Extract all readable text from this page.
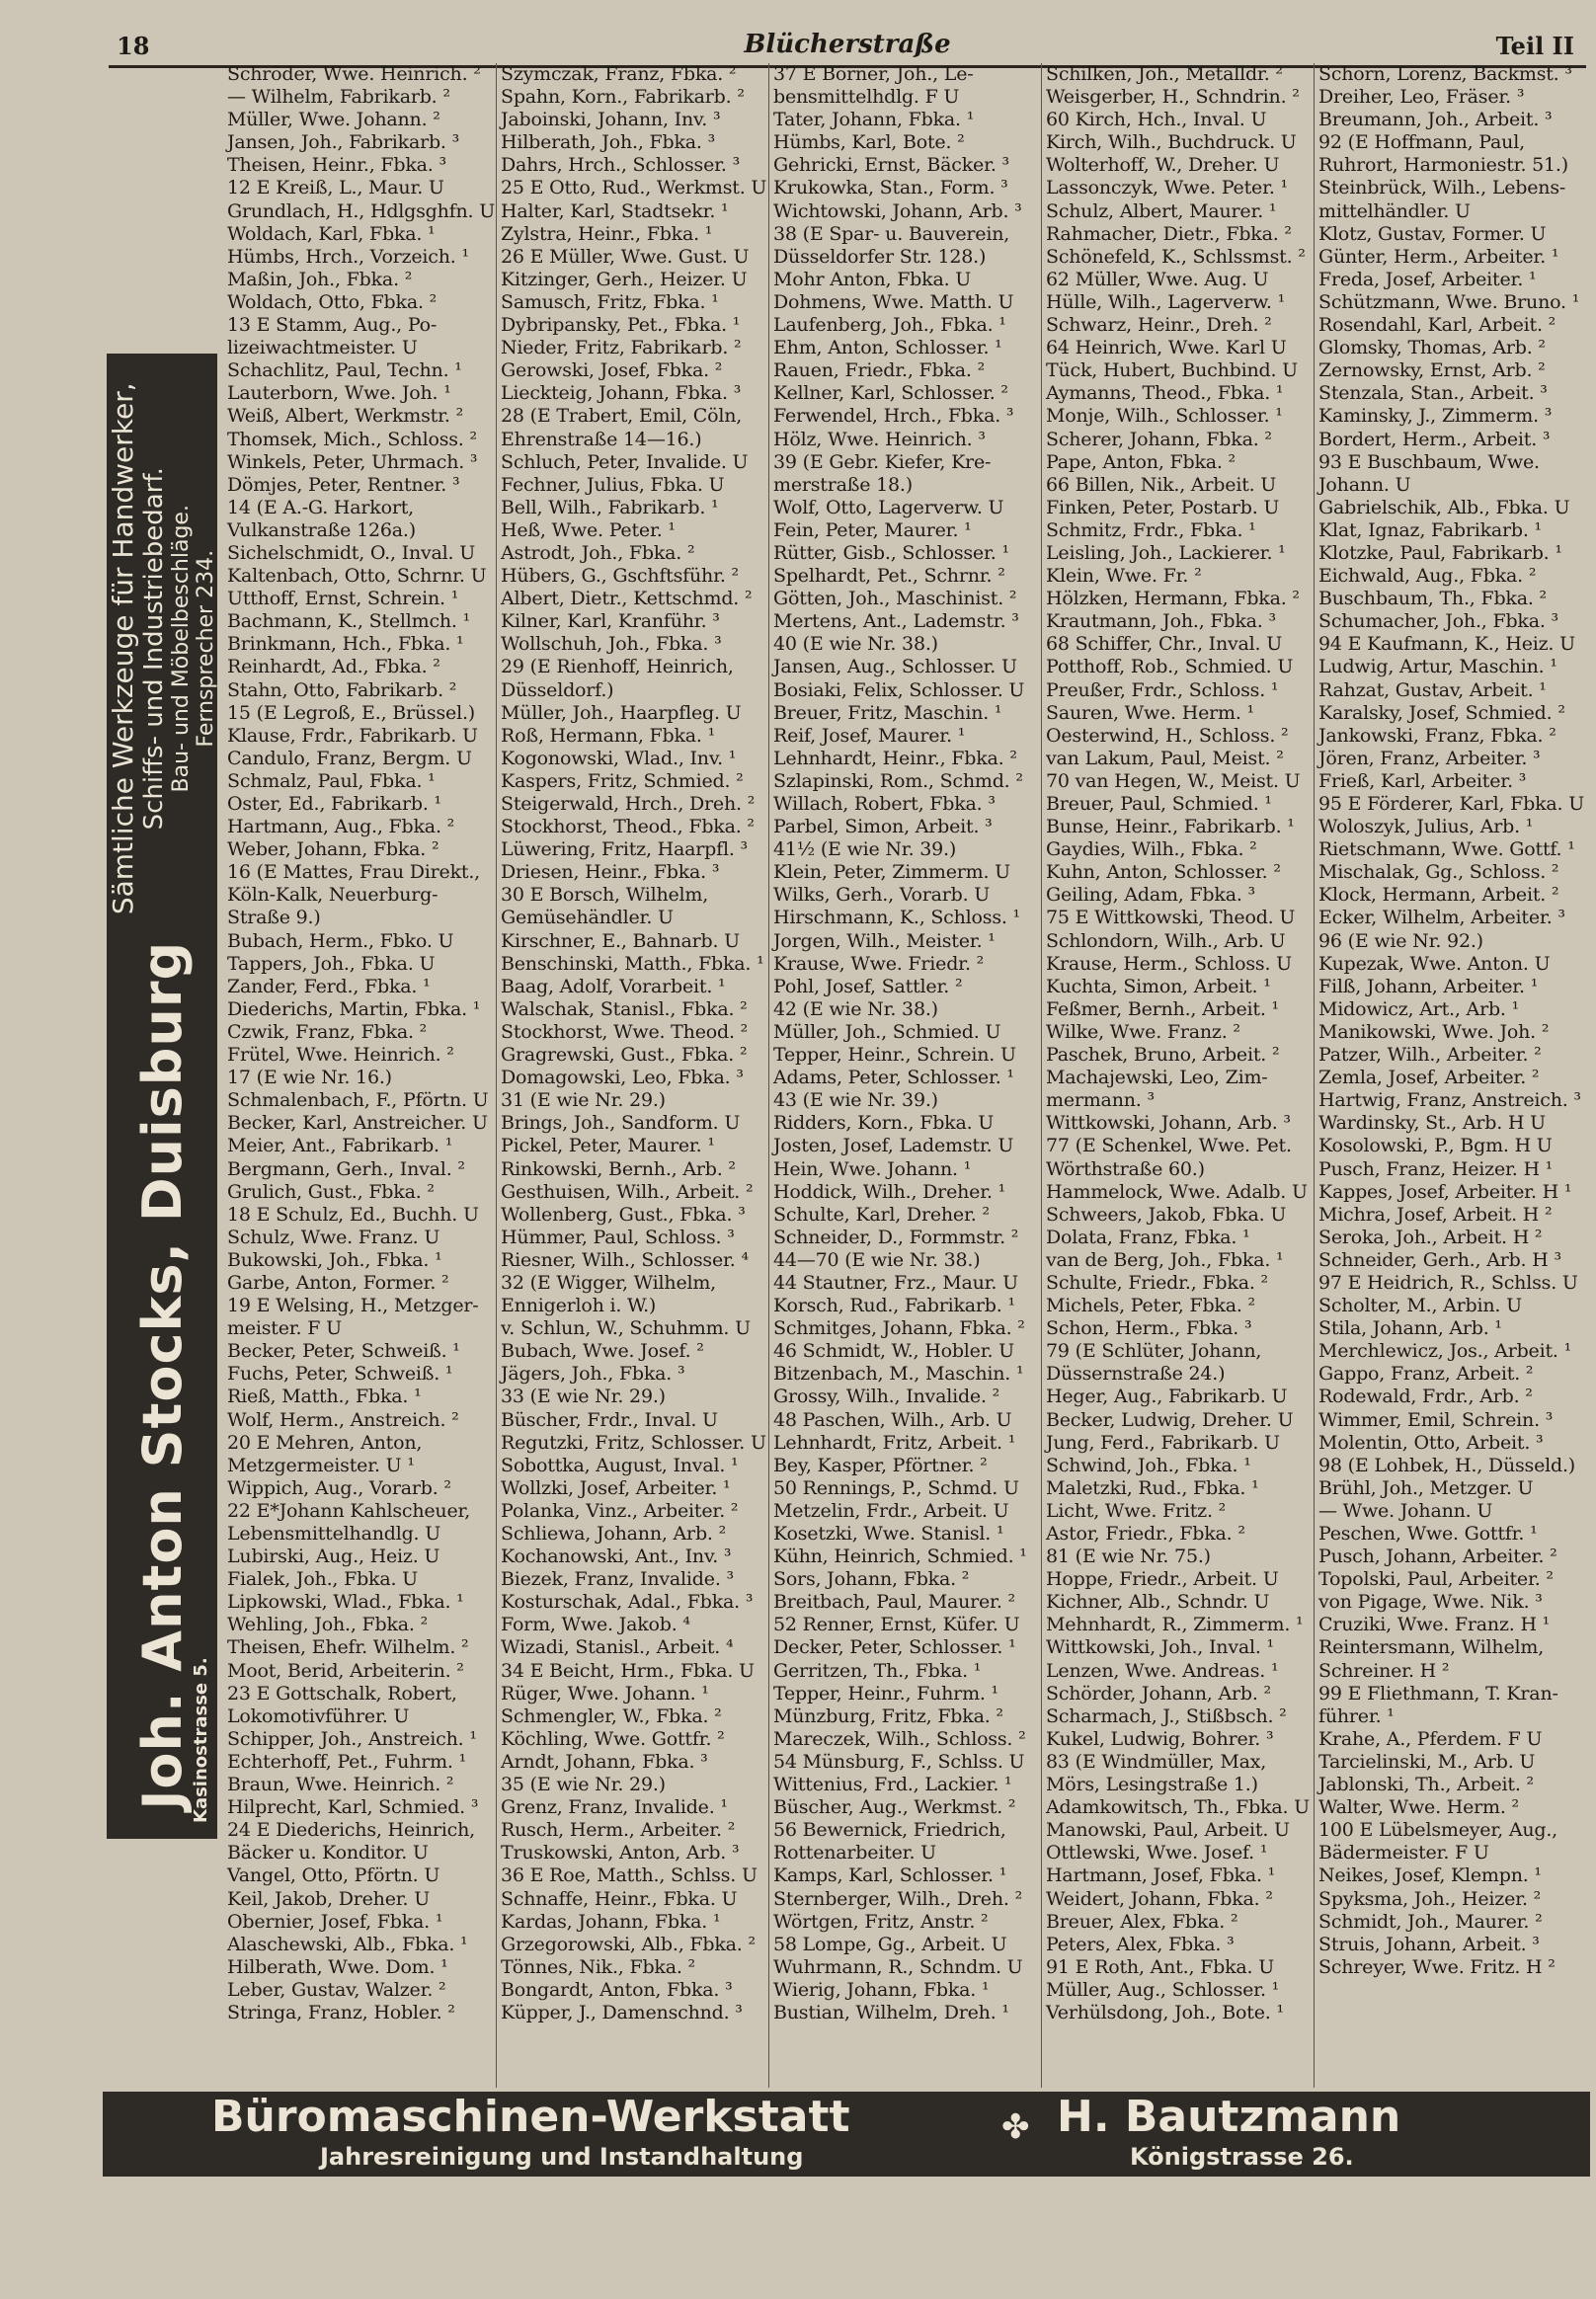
18	Blücherstraße	Teil II
Kasinostrasse 5.
Joh. Anton Stocks, Duisburg
Sämtliche Werkzeuge für Handwerker, Schiffs- und Industriebedarf. Bau- und Möbelbeschläge. Fernsprecher 234.
Schröder, Wwe. Heinrich. ²
— Wilhelm, Fabrikarb. ²
Müller, Wwe. Johann. ²
Jansen, Joh., Fabrikarb. ³
Theisen, Heinr., Fbka. ³
12 E Kreiß, L., Maur. U
Grundlach, H., Hdlgsghfn. U
Woldach, Karl, Fbka. ¹
Hümbs, Hrch., Vorzeich. ¹
Maßin, Joh., Fbka. ²
Woldach, Otto, Fbka. ²
13 E Stamm, Aug., Po-
lizeiwachtmeister. U
Schachlitz, Paul, Techn. ¹
Lauterborn, Wwe. Joh. ¹
Weiß, Albert, Werkmstr. ²
Thomsek, Mich., Schloss. ²
Winkels, Peter, Uhrmach. ³
Dömjes, Peter, Rentner. ³
14 (E A.-G. Harkort,
Vulkanstraße 126a.)
Sichelschmidt, O., Inval. U
Kaltenbach, Otto, Schrnr. U
Utthoff, Ernst, Schrein. ¹
Bachmann, K., Stellmch. ¹
Brinkmann, Hch., Fbka. ¹
Reinhardt, Ad., Fbka. ²
Stahn, Otto, Fabrikarb. ²
15 (E Legroß, E., Brüssel.)
Klause, Frdr., Fabrikarb. U
Candulo, Franz, Bergm. U
Schmalz, Paul, Fbka. ¹
Oster, Ed., Fabrikarb. ¹
Hartmann, Aug., Fbka. ²
Weber, Johann, Fbka. ²
16 (E Mattes, Frau Direkt.,
Köln-Kalk, Neuerburg-
Straße 9.)
Bubach, Herm., Fbko. U
Tappers, Joh., Fbka. U
Zander, Ferd., Fbka. ¹
Diederichs, Martin, Fbka. ¹
Czwik, Franz, Fbka. ²
Frütel, Wwe. Heinrich. ²
17 (E wie Nr. 16.)
Schmalenbach, F., Pförtn. U
Becker, Karl, Anstreicher. U
Meier, Ant., Fabrikarb. ¹
Bergmann, Gerh., Inval. ²
Grulich, Gust., Fbka. ²
18 E Schulz, Ed., Buchh. U
Schulz, Wwe. Franz. U
Bukowski, Joh., Fbka. ¹
Garbe, Anton, Former. ²
19 E Welsing, H., Metzger-
meister. F U
Becker, Peter, Schweiß. ¹
Fuchs, Peter, Schweiß. ¹
Rieß, Matth., Fbka. ¹
Wolf, Herm., Anstreich. ²
20 E Mehren, Anton,
Metzgermeister. U ¹
Wippich, Aug., Vorarb. ²
22 E*Johann Kahlscheuer,
Lebensmittelhandlg. U
Lubirski, Aug., Heiz. U
Fialek, Joh., Fbka. U
Lipkowski, Wlad., Fbka. ¹
Wehling, Joh., Fbka. ²
Theisen, Ehefr. Wilhelm. ²
Moot, Berid, Arbeiterin. ²
23 E Gottschalk, Robert,
Lokomotivführer. U
Schipper, Joh., Anstreich. ¹
Echterhoff, Pet., Fuhrm. ¹
Braun, Wwe. Heinrich. ²
Hilprecht, Karl, Schmied. ³
24 E Diederichs, Heinrich,
Bäcker u. Konditor. U
Vangel, Otto, Pförtn. U
Keil, Jakob, Dreher. U
Obernier, Josef, Fbka. ¹
Alaschewski, Alb., Fbka. ¹
Hilberath, Wwe. Dom. ¹
Leber, Gustav, Walzer. ²
Stringa, Franz, Hobler. ²
Szymczak, Franz, Fbka. ²
Spahn, Korn., Fabrikarb. ²
Jaboinski, Johann, Inv. ³
Hilberath, Joh., Fbka. ³
Dahrs, Hrch., Schlosser. ³
25 E Otto, Rud., Werkmst. U
Halter, Karl, Stadtsekr. ¹
Zylstra, Heinr., Fbka. ¹
26 E Müller, Wwe. Gust. U
Kitzinger, Gerh., Heizer. U
Samusch, Fritz, Fbka. ¹
Dybripansky, Pet., Fbka. ¹
Nieder, Fritz, Fabrikarb. ²
Gerowski, Josef, Fbka. ²
Lieckteig, Johann, Fbka. ³
28 (E Trabert, Emil, Cöln,
Ehrenstraße 14—16.)
Schluch, Peter, Invalide. U
Fechner, Julius, Fbka. U
Bell, Wilh., Fabrikarb. ¹
Heß, Wwe. Peter. ¹
Astrodt, Joh., Fbka. ²
Hübers, G., Gschftsführ. ²
Albert, Dietr., Kettschmd. ²
Kilner, Karl, Kranführ. ³
Wollschuh, Joh., Fbka. ³
29 (E Rienhoff, Heinrich,
Düsseldorf.)
Müller, Joh., Haarpfleg. U
Roß, Hermann, Fbka. ¹
Kogonowski, Wlad., Inv. ¹
Kaspers, Fritz, Schmied. ²
Steigerwald, Hrch., Dreh. ²
Stockhorst, Theod., Fbka. ²
Lüwering, Fritz, Haarpfl. ³
Driesen, Heinr., Fbka. ³
30 E Borsch, Wilhelm,
Gemüsehändler. U
Kirschner, E., Bahnarb. U
Benschinski, Matth., Fbka. ¹
Baag, Adolf, Vorarbeit. ¹
Walschak, Stanisl., Fbka. ²
Stockhorst, Wwe. Theod. ²
Gragrewski, Gust., Fbka. ²
Domagowski, Leo, Fbka. ³
31 (E wie Nr. 29.)
Brings, Joh., Sandform. U
Pickel, Peter, Maurer. ¹
Rinkowski, Bernh., Arb. ²
Gesthuisen, Wilh., Arbeit. ²
Wollenberg, Gust., Fbka. ³
Hümmer, Paul, Schloss. ³
Riesner, Wilh., Schlosser. ⁴
32 (E Wigger, Wilhelm,
Ennigerloh i. W.)
v. Schlun, W., Schuhmm. U
Bubach, Wwe. Josef. ²
Jägers, Joh., Fbka. ³
33 (E wie Nr. 29.)
Büscher, Frdr., Inval. U
Regutzki, Fritz, Schlosser. U
Sobottka, August, Inval. ¹
Wollzki, Josef, Arbeiter. ¹
Polanka, Vinz., Arbeiter. ²
Schliewa, Johann, Arb. ²
Kochanowski, Ant., Inv. ³
Biezek, Franz, Invalide. ³
Kosturschak, Adal., Fbka. ³
Form, Wwe. Jakob. ⁴
Wizadi, Stanisl., Arbeit. ⁴
34 E Beicht, Hrm., Fbka. U
Rüger, Wwe. Johann. ¹
Schmengler, W., Fbka. ²
Köchling, Wwe. Gottfr. ²
Arndt, Johann, Fbka. ³
35 (E wie Nr. 29.)
Grenz, Franz, Invalide. ¹
Rusch, Herm., Arbeiter. ²
Truskowski, Anton, Arb. ³
36 E Roe, Matth., Schlss. U
Schnaffe, Heinr., Fbka. U
Kardas, Johann, Fbka. ¹
Grzegorowski, Alb., Fbka. ²
Tönnes, Nik., Fbka. ²
Bongardt, Anton, Fbka. ³
Küpper, J., Damenschnd. ³
37 E Börner, Joh., Le-
bensmittelhdlg. F U
Tater, Johann, Fbka. ¹
Hümbs, Karl, Bote. ²
Gehricki, Ernst, Bäcker. ³
Krukowka, Stan., Form. ³
Wichtowski, Johann, Arb. ³
38 (E Spar- u. Bauverein,
Düsseldorfer Str. 128.)
Mohr Anton, Fbka. U
Dohmens, Wwe. Matth. U
Laufenberg, Joh., Fbka. ¹
Ehm, Anton, Schlosser. ¹
Rauen, Friedr., Fbka. ²
Kellner, Karl, Schlosser. ²
Ferwendel, Hrch., Fbka. ³
Hölz, Wwe. Heinrich. ³
39 (E Gebr. Kiefer, Kre-
merstraße 18.)
Wolf, Otto, Lagerverw. U
Fein, Peter, Maurer. ¹
Rütter, Gisb., Schlosser. ¹
Spelhardt, Pet., Schrnr. ²
Götten, Joh., Maschinist. ²
Mertens, Ant., Lademstr. ³
40 (E wie Nr. 38.)
Jansen, Aug., Schlosser. U
Bosiaki, Felix, Schlosser. U
Breuer, Fritz, Maschin. ¹
Reif, Josef, Maurer. ¹
Lehnhardt, Heinr., Fbka. ²
Szlapinski, Rom., Schmd. ²
Willach, Robert, Fbka. ³
Parbel, Simon, Arbeit. ³
41½ (E wie Nr. 39.)
Klein, Peter, Zimmerm. U
Wilks, Gerh., Vorarb. U
Hirschmann, K., Schloss. ¹
Jorgen, Wilh., Meister. ¹
Krause, Wwe. Friedr. ²
Pohl, Josef, Sattler. ²
42 (E wie Nr. 38.)
Müller, Joh., Schmied. U
Tepper, Heinr., Schrein. U
Adams, Peter, Schlosser. ¹
43 (E wie Nr. 39.)
Ridders, Korn., Fbka. U
Josten, Josef, Lademstr. U
Hein, Wwe. Johann. ¹
Hoddick, Wilh., Dreher. ¹
Schulte, Karl, Dreher. ²
Schneider, D., Formmstr. ²
44—70 (E wie Nr. 38.)
44 Stautner, Frz., Maur. U
Korsch, Rud., Fabrikarb. ¹
Schmitges, Johann, Fbka. ²
46 Schmidt, W., Hobler. U
Bitzenbach, M., Maschin. ¹
Grossy, Wilh., Invalide. ²
48 Paschen, Wilh., Arb. U
Lehnhardt, Fritz, Arbeit. ¹
Bey, Kasper, Pförtner. ²
50 Rennings, P., Schmd. U
Metzelin, Frdr., Arbeit. U
Kosetzki, Wwe. Stanisl. ¹
Kühn, Heinrich, Schmied. ¹
Sors, Johann, Fbka. ²
Breitbach, Paul, Maurer. ²
52 Renner, Ernst, Küfer. U
Decker, Peter, Schlosser. ¹
Gerritzen, Th., Fbka. ¹
Tepper, Heinr., Fuhrm. ¹
Münzburg, Fritz, Fbka. ²
Mareczek, Wilh., Schloss. ²
54 Münsburg, F., Schlss. U
Wittenius, Frd., Lackier. ¹
Büscher, Aug., Werkmst. ²
56 Bewernick, Friedrich,
Rottenarbeiter. U
Kamps, Karl, Schlosser. ¹
Sternberger, Wilh., Dreh. ²
Wörtgen, Fritz, Anstr. ²
58 Lompe, Gg., Arbeit. U
Wuhrmann, R., Schndm. U
Wierig, Johann, Fbka. ¹
Bustian, Wilhelm, Dreh. ¹
Schilken, Joh., Metalldr. ²
Weisgerber, H., Schndrin. ²
60 Kirch, Hch., Inval. U
Kirch, Wilh., Buchdruck. U
Wolterhoff, W., Dreher. U
Lassonczyk, Wwe. Peter. ¹
Schulz, Albert, Maurer. ¹
Rahmacher, Dietr., Fbka. ²
Schönefeld, K., Schlssmst. ²
62 Müller, Wwe. Aug. U
Hülle, Wilh., Lagerverw. ¹
Schwarz, Heinr., Dreh. ²
64 Heinrich, Wwe. Karl U
Tück, Hubert, Buchbind. U
Aymanns, Theod., Fbka. ¹
Monje, Wilh., Schlosser. ¹
Scherer, Johann, Fbka. ²
Pape, Anton, Fbka. ²
66 Billen, Nik., Arbeit. U
Finken, Peter, Postarb. U
Schmitz, Frdr., Fbka. ¹
Leisling, Joh., Lackierer. ¹
Klein, Wwe. Fr. ²
Hölzken, Hermann, Fbka. ²
Krautmann, Joh., Fbka. ³
68 Schiffer, Chr., Inval. U
Potthoff, Rob., Schmied. U
Preußer, Frdr., Schloss. ¹
Sauren, Wwe. Herm. ¹
Oesterwind, H., Schloss. ²
van Lakum, Paul, Meist. ²
70 van Hegen, W., Meist. U
Breuer, Paul, Schmied. ¹
Bunse, Heinr., Fabrikarb. ¹
Gaydies, Wilh., Fbka. ²
Kuhn, Anton, Schlosser. ²
Geiling, Adam, Fbka. ³
75 E Wittkowski, Theod. U
Schlondorn, Wilh., Arb. U
Krause, Herm., Schloss. U
Kuchta, Simon, Arbeit. ¹
Feßmer, Bernh., Arbeit. ¹
Wilke, Wwe. Franz. ²
Paschek, Bruno, Arbeit. ²
Machajewski, Leo, Zim-
mermann. ³
Wittkowski, Johann, Arb. ³
77 (E Schenkel, Wwe. Pet.
Wörthstraße 60.)
Hammelock, Wwe. Adalb. U
Schweers, Jakob, Fbka. U
Dolata, Franz, Fbka. ¹
van de Berg, Joh., Fbka. ¹
Schulte, Friedr., Fbka. ²
Michels, Peter, Fbka. ²
Schon, Herm., Fbka. ³
79 (E Schlüter, Johann,
Düssernstraße 24.)
Heger, Aug., Fabrikarb. U
Becker, Ludwig, Dreher. U
Jung, Ferd., Fabrikarb. U
Schwind, Joh., Fbka. ¹
Maletzki, Rud., Fbka. ¹
Licht, Wwe. Fritz. ²
Astor, Friedr., Fbka. ²
81 (E wie Nr. 75.)
Hoppe, Friedr., Arbeit. U
Kichner, Alb., Schndr. U
Mehnhardt, R., Zimmerm. ¹
Wittkowski, Joh., Inval. ¹
Lenzen, Wwe. Andreas. ¹
Schörder, Johann, Arb. ²
Scharmach, J., Stißbsch. ²
Kukel, Ludwig, Bohrer. ³
83 (E Windmüller, Max,
Mörs, Lesingstraße 1.)
Adamkowitsch, Th., Fbka. U
Manowski, Paul, Arbeit. U
Ottlewski, Wwe. Josef. ¹
Hartmann, Josef, Fbka. ¹
Weidert, Johann, Fbka. ²
Breuer, Alex, Fbka. ²
Peters, Alex, Fbka. ³
91 E Roth, Ant., Fbka. U
Müller, Aug., Schlosser. ¹
Verhülsdong, Joh., Bote. ¹
Schorn, Lorenz, Backmst. ³
Dreiher, Leo, Fräser. ³
Breumann, Joh., Arbeit. ³
92 (E Hoffmann, Paul,
Ruhrort, Harmoniestr. 51.)
Steinbrück, Wilh., Lebens-
mittelhändler. U
Klotz, Gustav, Former. U
Günter, Herm., Arbeiter. ¹
Freda, Josef, Arbeiter. ¹
Schützmann, Wwe. Bruno. ¹
Rosendahl, Karl, Arbeit. ²
Glomsky, Thomas, Arb. ²
Zernowsky, Ernst, Arb. ²
Stenzala, Stan., Arbeit. ³
Kaminsky, J., Zimmerm. ³
Bordert, Herm., Arbeit. ³
93 E Buschbaum, Wwe.
Johann. U
Gabrielschik, Alb., Fbka. U
Klat, Ignaz, Fabrikarb. ¹
Klotzke, Paul, Fabrikarb. ¹
Eichwald, Aug., Fbka. ²
Buschbaum, Th., Fbka. ²
Schumacher, Joh., Fbka. ³
94 E Kaufmann, K., Heiz. U
Ludwig, Artur, Maschin. ¹
Rahzat, Gustav, Arbeit. ¹
Karalsky, Josef, Schmied. ²
Jankowski, Franz, Fbka. ²
Jören, Franz, Arbeiter. ³
Frieß, Karl, Arbeiter. ³
95 E Förderer, Karl, Fbka. U
Woloszyk, Julius, Arb. ¹
Rietschmann, Wwe. Gottf. ¹
Mischalak, Gg., Schloss. ²
Klock, Hermann, Arbeit. ²
Ecker, Wilhelm, Arbeiter. ³
96 (E wie Nr. 92.)
Kupezak, Wwe. Anton. U
Filß, Johann, Arbeiter. ¹
Midowicz, Art., Arb. ¹
Manikowski, Wwe. Joh. ²
Patzer, Wilh., Arbeiter. ²
Zemla, Josef, Arbeiter. ²
Hartwig, Franz, Anstreich. ³
Wardinsky, St., Arb. H U
Kosolowski, P., Bgm. H U
Pusch, Franz, Heizer. H ¹
Kappes, Josef, Arbeiter. H ¹
Michra, Josef, Arbeit. H ²
Seroka, Joh., Arbeit. H ²
Schneider, Gerh., Arb. H ³
97 E Heidrich, R., Schlss. U
Scholter, M., Arbin. U
Stila, Johann, Arb. ¹
Merchlewicz, Jos., Arbeit. ¹
Gappo, Franz, Arbeit. ²
Rodewald, Frdr., Arb. ²
Wimmer, Emil, Schrein. ³
Molentin, Otto, Arbeit. ³
98 (E Lohbek, H., Düsseld.)
Brühl, Joh., Metzger. U
— Wwe. Johann. U
Peschen, Wwe. Gottfr. ¹
Pusch, Johann, Arbeiter. ²
Topolski, Paul, Arbeiter. ²
von Pigage, Wwe. Nik. ³
Cruziki, Wwe. Franz. H ¹
Reintersmann, Wilhelm,
Schreiner. H ²
99 E Fliethmann, T. Kran-
führer. ¹
Krahe, A., Pferdem. F U
Tarcielinski, M., Arb. U
Jablonski, Th., Arbeit. ²
Walter, Wwe. Herm. ²
100 E Lübelsmeyer, Aug.,
Bädermeister. F U
Neikes, Josef, Klempn. ¹
Spyksma, Joh., Heizer. ²
Schmidt, Joh., Maurer. ²
Struis, Johann, Arbeit. ³
Schreyer, Wwe. Fritz. H ²
Büromaschinen-Werkstatt
Jahresreinigung und Instandhaltung
✤ H. Bautzmann
Königstrasse 26.
